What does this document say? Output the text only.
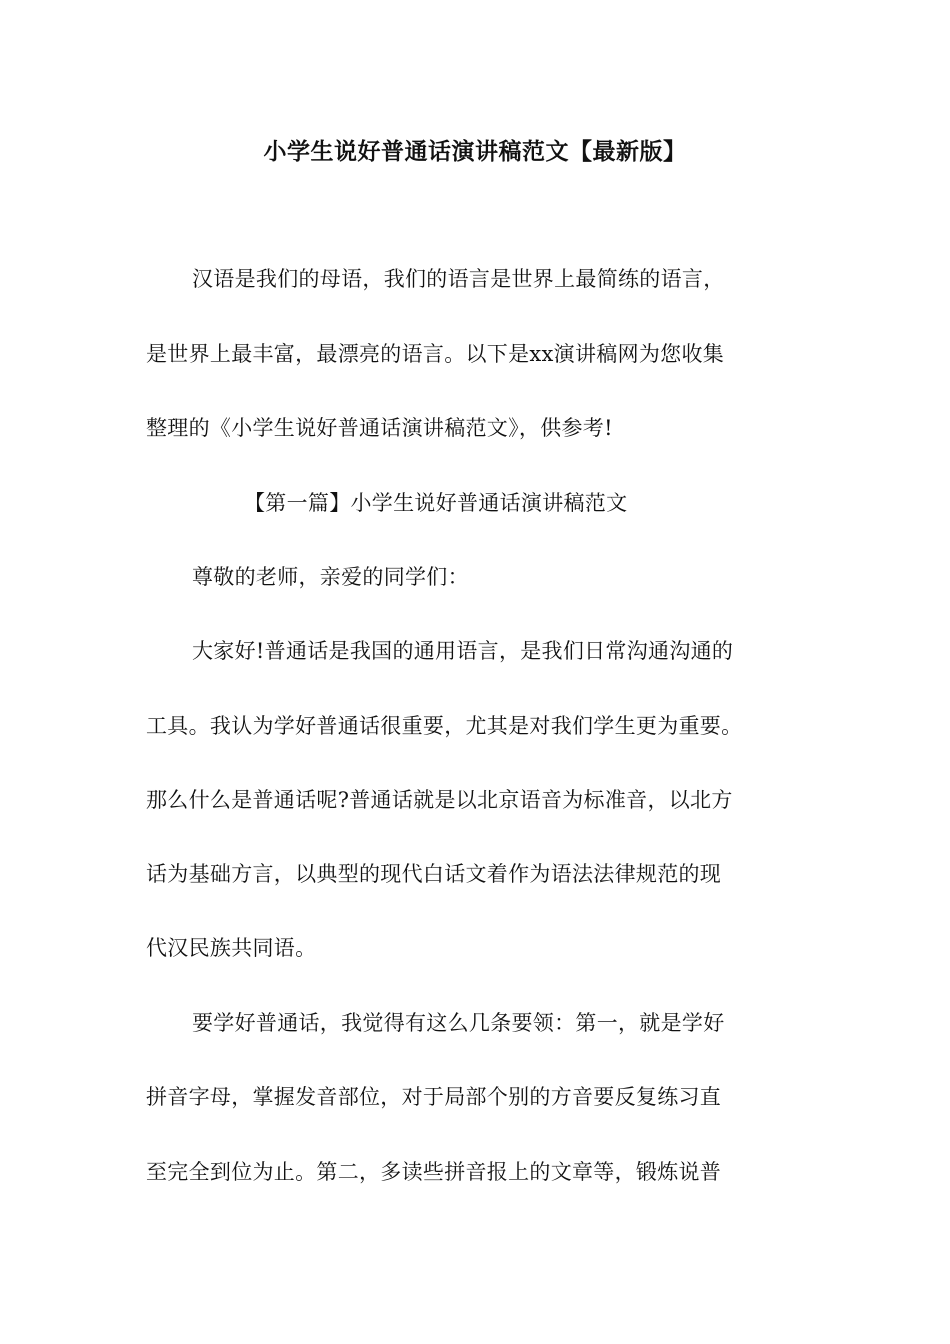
小学生说好普通话演讲稿范文【最新版】
汉语是我们的母语，我们的语言是世界上最简练的语言，
是世界上最丰富，最漂亮的语言。以下是xx演讲稿网为您收集
整理的《小学生说好普通话演讲稿范文》，供参考!
【第一篇】小学生说好普通话演讲稿范文
尊敬的老师，亲爱的同学们：
大家好!普通话是我国的通用语言，是我们日常沟通沟通的
工具。我认为学好普通话很重要，尤其是对我们学生更为重要。
那么什么是普通话呢?普通话就是以北京语音为标准音，以北方
话为基础方言，以典型的现代白话文着作为语法法律规范的现
代汉民族共同语。
要学好普通话，我觉得有这么几条要领：第一，就是学好
拼音字母，掌握发音部位，对于局部个别的方音要反复练习直
至完全到位为止。第二，多读些拼音报上的文章等，锻炼说普
